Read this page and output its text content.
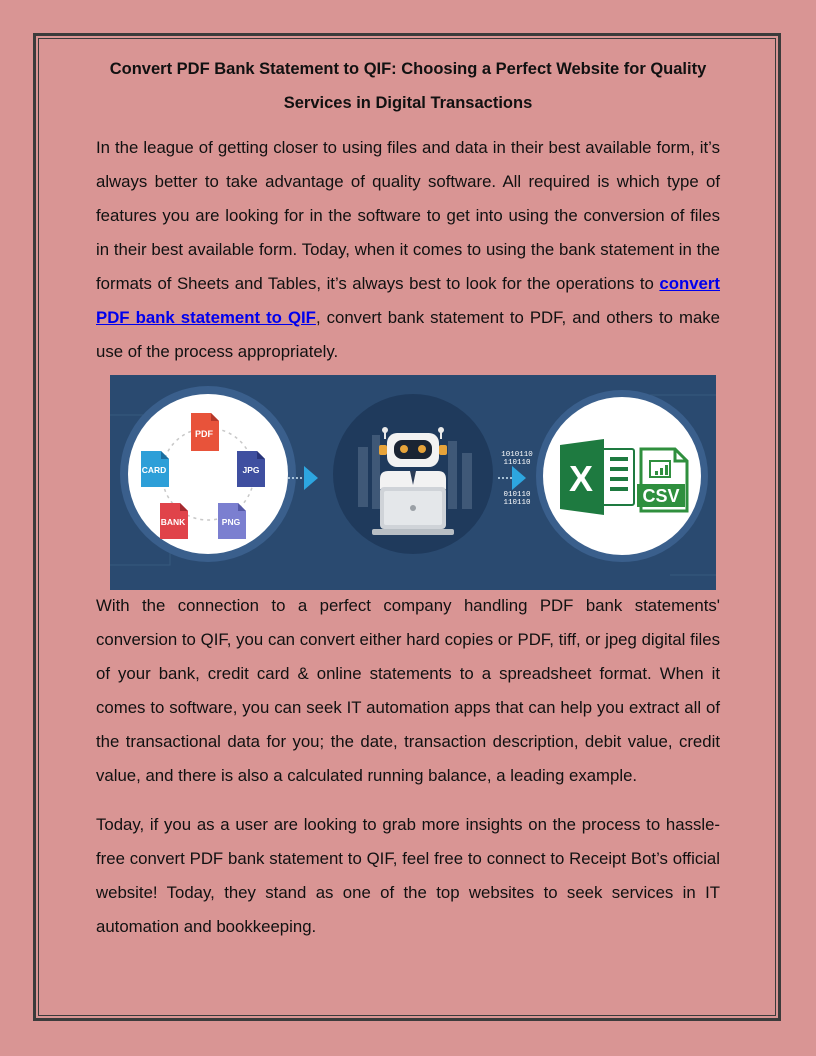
Convert PDF Bank Statement to QIF: Choosing a Perfect Website for Quality
Services in Digital Transactions

In the league of getting closer to using files and data in their best available form, it’s always better to take advantage of quality software. All required is which type of features you are looking for in the software to get into using the conversion of files in their best available form. Today, when it comes to using the bank statement in the formats of Sheets and Tables, it’s always best to look for the operations to convert PDF bank statement to QIF, convert bank statement to PDF, and others to make use of the process appropriately.

PDF
CARD	JPG
BANK	PNG
1010110
110110
010110
110110
X	CSV

With the connection to a perfect company handling PDF bank statements' conversion to QIF, you can convert either hard copies or PDF, tiff, or jpeg digital files of your bank, credit card & online statements to a spreadsheet format. When it comes to software, you can seek IT automation apps that can help you extract all of the transactional data for you; the date, transaction description, debit value, credit value, and there is also a calculated running balance, a leading example.

Today, if you as a user are looking to grab more insights on the process to hassle-free convert PDF bank statement to QIF, feel free to connect to Receipt Bot’s official website! Today, they stand as one of the top websites to seek services in IT automation and bookkeeping.
